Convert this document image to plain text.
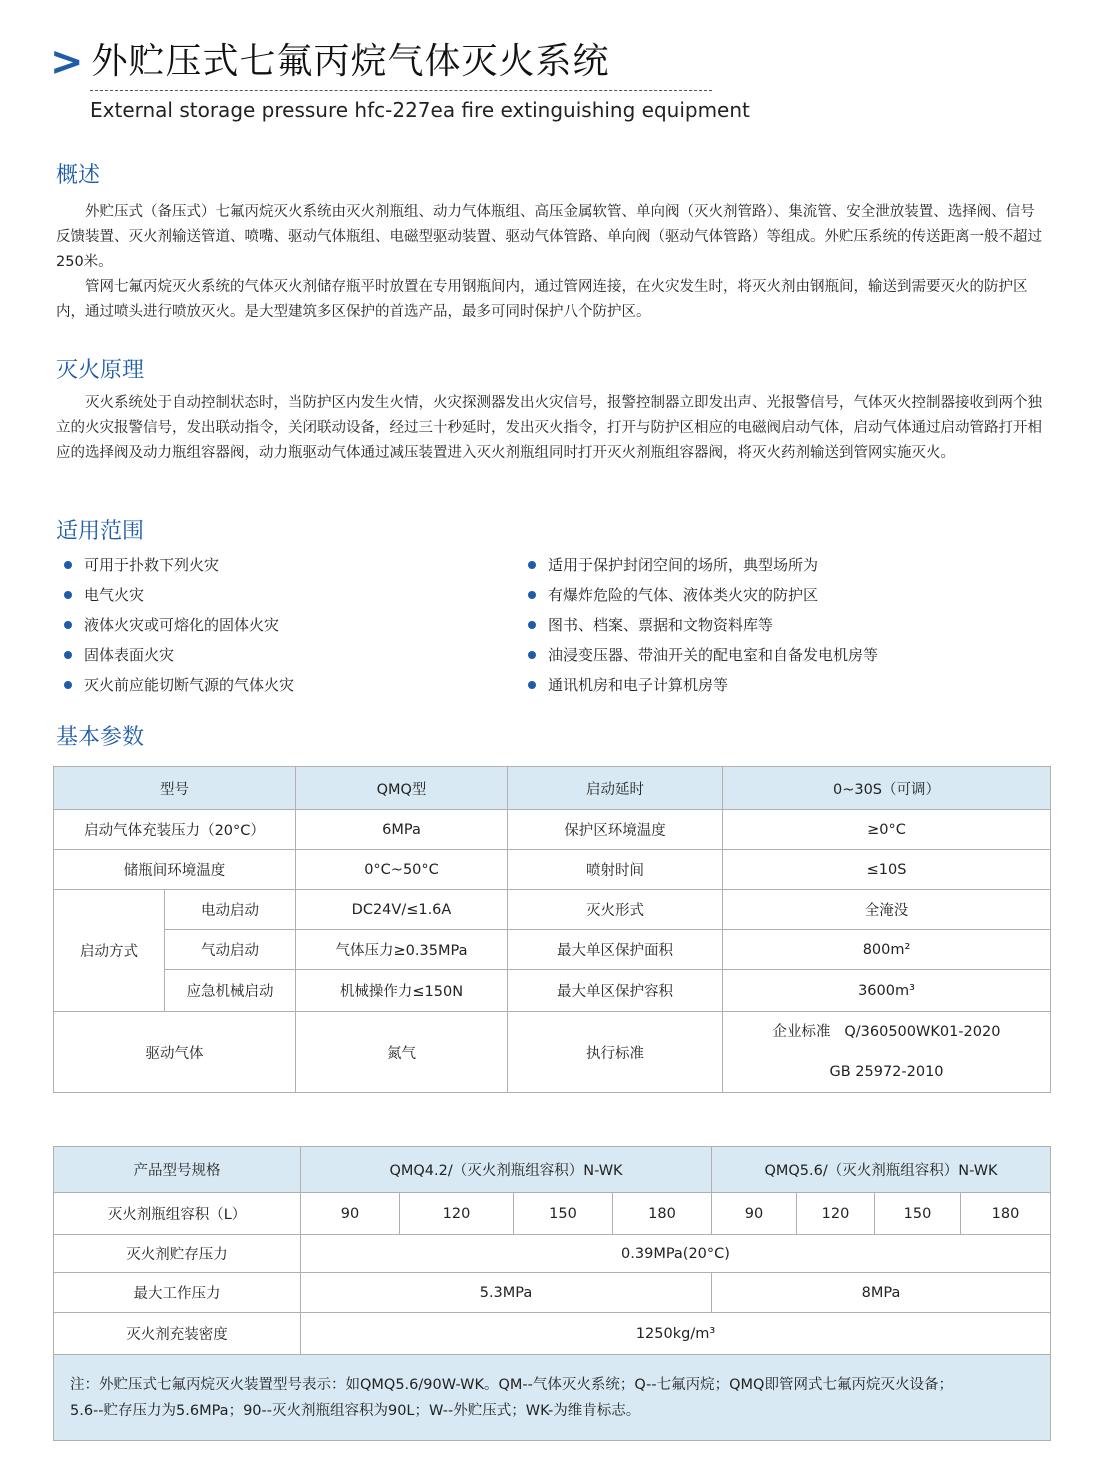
> 外贮压式七氟丙烷气体灭火系统
External storage pressure hfc-227ea fire extinguishing equipment
概述

外贮压式（备压式）七氟丙烷灭火系统由灭火剂瓶组、动力气体瓶组、高压金属软管、单向阀（灭火剂管路）、集流管、安全泄放装置、选择阀、信号反馈装置、灭火剂输送管道、喷嘴、驱动气体瓶组、电磁型驱动装置、驱动气体管路、单向阀（驱动气体管路）等组成。外贮压系统的传送距离一般不超过250米。

管网七氟丙烷灭火系统的气体灭火剂储存瓶平时放置在专用钢瓶间内，通过管网连接，在火灾发生时，将灭火剂由钢瓶间，输送到需要灭火的防护区内，通过喷头进行喷放灭火。是大型建筑多区保护的首选产品，最多可同时保护八个防护区。

灭火原理

灭火系统处于自动控制状态时，当防护区内发生火情，火灾探测器发出火灾信号，报警控制器立即发出声、光报警信号，气体灭火控制器接收到两个独立的火灾报警信号，发出联动指令，关闭联动设备，经过三十秒延时，发出灭火指令，打开与防护区相应的电磁阀启动气体，启动气体通过启动管路打开相应的选择阀及动力瓶组容器阀，动力瓶驱动气体通过减压装置进入灭火剂瓶组同时打开灭火剂瓶组容器阀，将灭火药剂输送到管网实施灭火。

适用范围
可用于扑救下列火灾
电气火灾
液体火灾或可熔化的固体火灾
固体表面火灾
灭火前应能切断气源的气体火灾
适用于保护封闭空间的场所，典型场所为
有爆炸危险的气体、液体类火灾的防护区
图书、档案、票据和文物资料库等
油浸变压器、带油开关的配电室和自备发电机房等
通讯机房和电子计算机房等
基本参数
型号		QMQ型	启动延时	0~30S（可调）
启动气体充装压力（20°C）		6MPa	保护区环境温度	≥0°C
储瓶间环境温度		0°C~50°C	喷射时间	≤10S
启动方式	电动启动	DC24V/≤1.6A	灭火形式	全淹没
	气动启动	气体压力≥0.35MPa	最大单区保护面积	800m²
	应急机械启动	机械操作力≤150N	最大单区保护容积	3600m³
驱动气体		氮气	执行标准	企业标准 Q/360500WK01-2020
GB 25972-2010
产品型号规格	QMQ4.2/（灭火剂瓶组容积）N-WK				QMQ5.6/（灭火剂瓶组容积）N-WK			
灭火剂瓶组容积（L）	90	120	150	180	90	120	150	180
灭火剂贮存压力	0.39MPa(20°C)							
最大工作压力	5.3MPa				8MPa			
灭火剂充装密度	1250kg/m³							

注：外贮压式七氟丙烷灭火装置型号表示：如QMQ5.6/90W-WK。QM--气体灭火系统；Q--七氟丙烷；QMQ即管网式七氟丙烷灭火设备；
5.6--贮存压力为5.6MPa；90--灭火剂瓶组容积为90L；W--外贮压式；WK-为维肯标志。								
